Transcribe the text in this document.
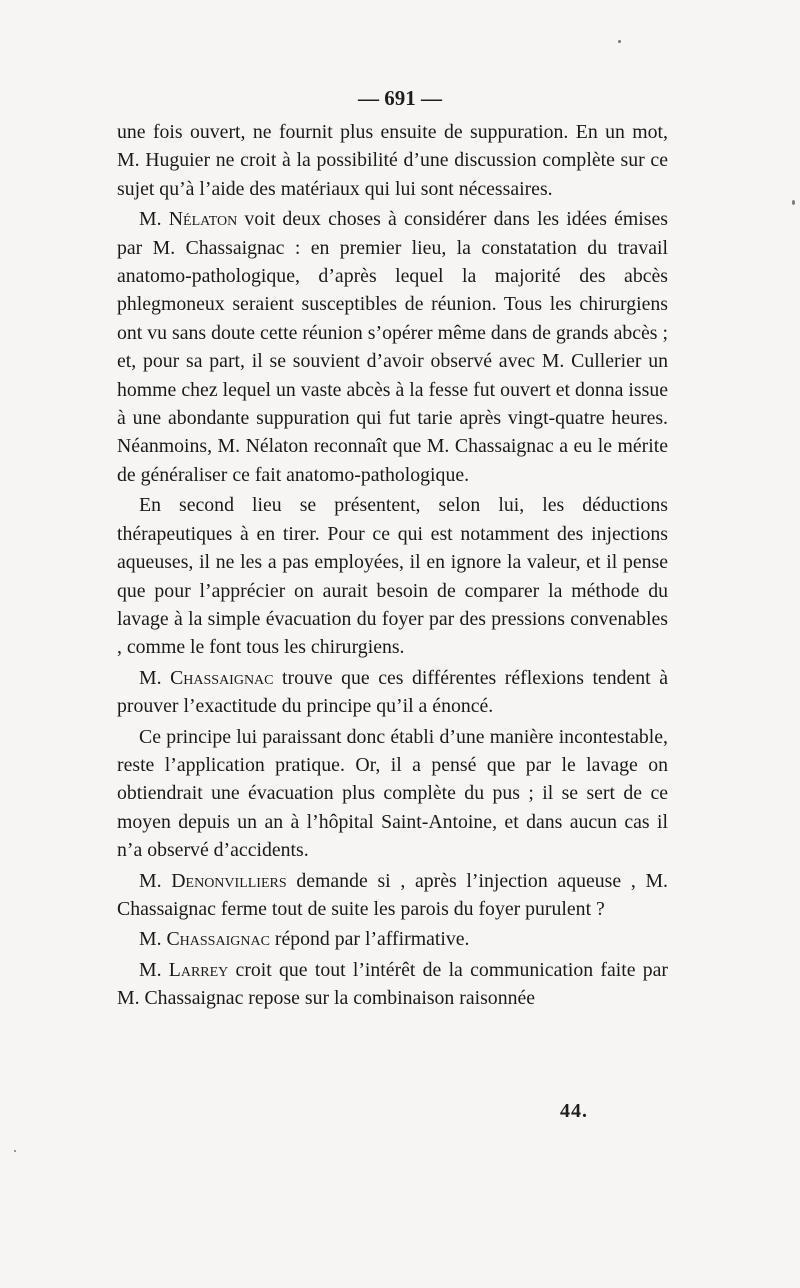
— 691 —

une fois ouvert, ne fournit plus ensuite de suppuration. En un mot, M. Huguier ne croit à la possibilité d’une discussion complète sur ce sujet qu’à l’aide des matériaux qui lui sont nécessaires.

M. Nélaton voit deux choses à considérer dans les idées émises par M. Chassaignac : en premier lieu, la constatation du travail anatomo-pathologique, d’après lequel la majorité des abcès phlegmoneux seraient susceptibles de réunion. Tous les chirurgiens ont vu sans doute cette réunion s’opérer même dans de grands abcès ; et, pour sa part, il se souvient d’avoir observé avec M. Cullerier un homme chez lequel un vaste abcès à la fesse fut ouvert et donna issue à une abondante suppuration qui fut tarie après vingt-quatre heures. Néanmoins, M. Nélaton reconnaît que M. Chassaignac a eu le mérite de généraliser ce fait anatomo-pathologique.

En second lieu se présentent, selon lui, les déductions thérapeutiques à en tirer. Pour ce qui est notamment des injections aqueuses, il ne les a pas employées, il en ignore la valeur, et il pense que pour l’apprécier on aurait besoin de comparer la méthode du lavage à la simple évacuation du foyer par des pressions convenables , comme le font tous les chirurgiens.

M. Chassaignac trouve que ces différentes réflexions tendent à prouver l’exactitude du principe qu’il a énoncé.

Ce principe lui paraissant donc établi d’une manière incontestable, reste l’application pratique. Or, il a pensé que par le lavage on obtiendrait une évacuation plus complète du pus ; il se sert de ce moyen depuis un an à l’hôpital Saint-Antoine, et dans aucun cas il n’a observé d’accidents.

M. Denonvilliers demande si , après l’injection aqueuse , M. Chassaignac ferme tout de suite les parois du foyer purulent ?

M. Chassaignac répond par l’affirmative.

M. Larrey croit que tout l’intérêt de la communication faite par M. Chassaignac repose sur la combinaison raisonnée

44.
